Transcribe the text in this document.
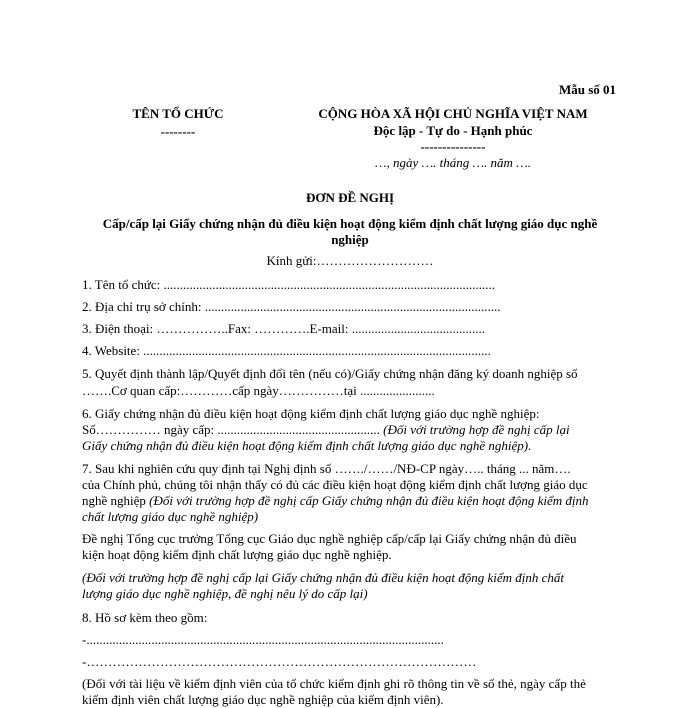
Mẫu số 01
TÊN TỔ CHỨC
--------
CỘNG HÒA XÃ HỘI CHỦ NGHĨA VIỆT NAM
Độc lập - Tự do - Hạnh phúc
---------------
…, ngày …. tháng …. năm ….
ĐƠN ĐỀ NGHỊ
Cấp/cấp lại Giấy chứng nhận đủ điều kiện hoạt động kiểm định chất lượng giáo dục nghề
nghiệp
Kính gửi:………………………
1. Tên tổ chức: ......................................................................................................
2. Địa chỉ trụ sở chính: ...........................................................................................
3. Điện thoại: ……………..Fax: ………….E-mail: .........................................
4. Website: ...........................................................................................................
5. Quyết định thành lập/Quyết định đổi tên (nếu có)/Giấy chứng nhận đăng ký doanh nghiệp số
…….Cơ quan cấp:…………cấp ngày……………tại .......................
6. Giấy chứng nhận đủ điều kiện hoạt động kiểm định chất lượng giáo dục nghề nghiệp:
Số…………… ngày cấp: .................................................. (Đối với trường hợp đề nghị cấp lại
Giấy chứng nhận đủ điều kiện hoạt động kiểm định chất lượng giáo dục nghề nghiệp).
7. Sau khi nghiên cứu quy định tại Nghị định số ……./……/NĐ-CP ngày….. tháng ... năm….
của Chính phủ, chúng tôi nhận thấy có đủ các điều kiện hoạt động kiểm định chất lượng giáo dục
nghề nghiệp (Đối với trường hợp đề nghị cấp Giấy chứng nhận đủ điều kiện hoạt động kiểm định
chất lượng giáo dục nghề nghiệp)
Đề nghị Tổng cục trưởng Tổng cục Giáo dục nghề nghiệp cấp/cấp lại Giấy chứng nhận đủ điều
kiện hoạt động kiểm định chất lượng giáo dục nghề nghiệp.
(Đối với trường hợp đề nghị cấp lại Giấy chứng nhận đủ điều kiện hoạt động kiểm định chất
lượng giáo dục nghề nghiệp, đề nghị nêu lý do cấp lại)
8. Hồ sơ kèm theo gồm:
-..............................................................................................................
-………………………………………………………………………………
(Đối với tài liệu về kiểm định viên của tổ chức kiểm định ghi rõ thông tin về số thẻ, ngày cấp thẻ
kiểm định viên chất lượng giáo dục nghề nghiệp của kiểm định viên).
